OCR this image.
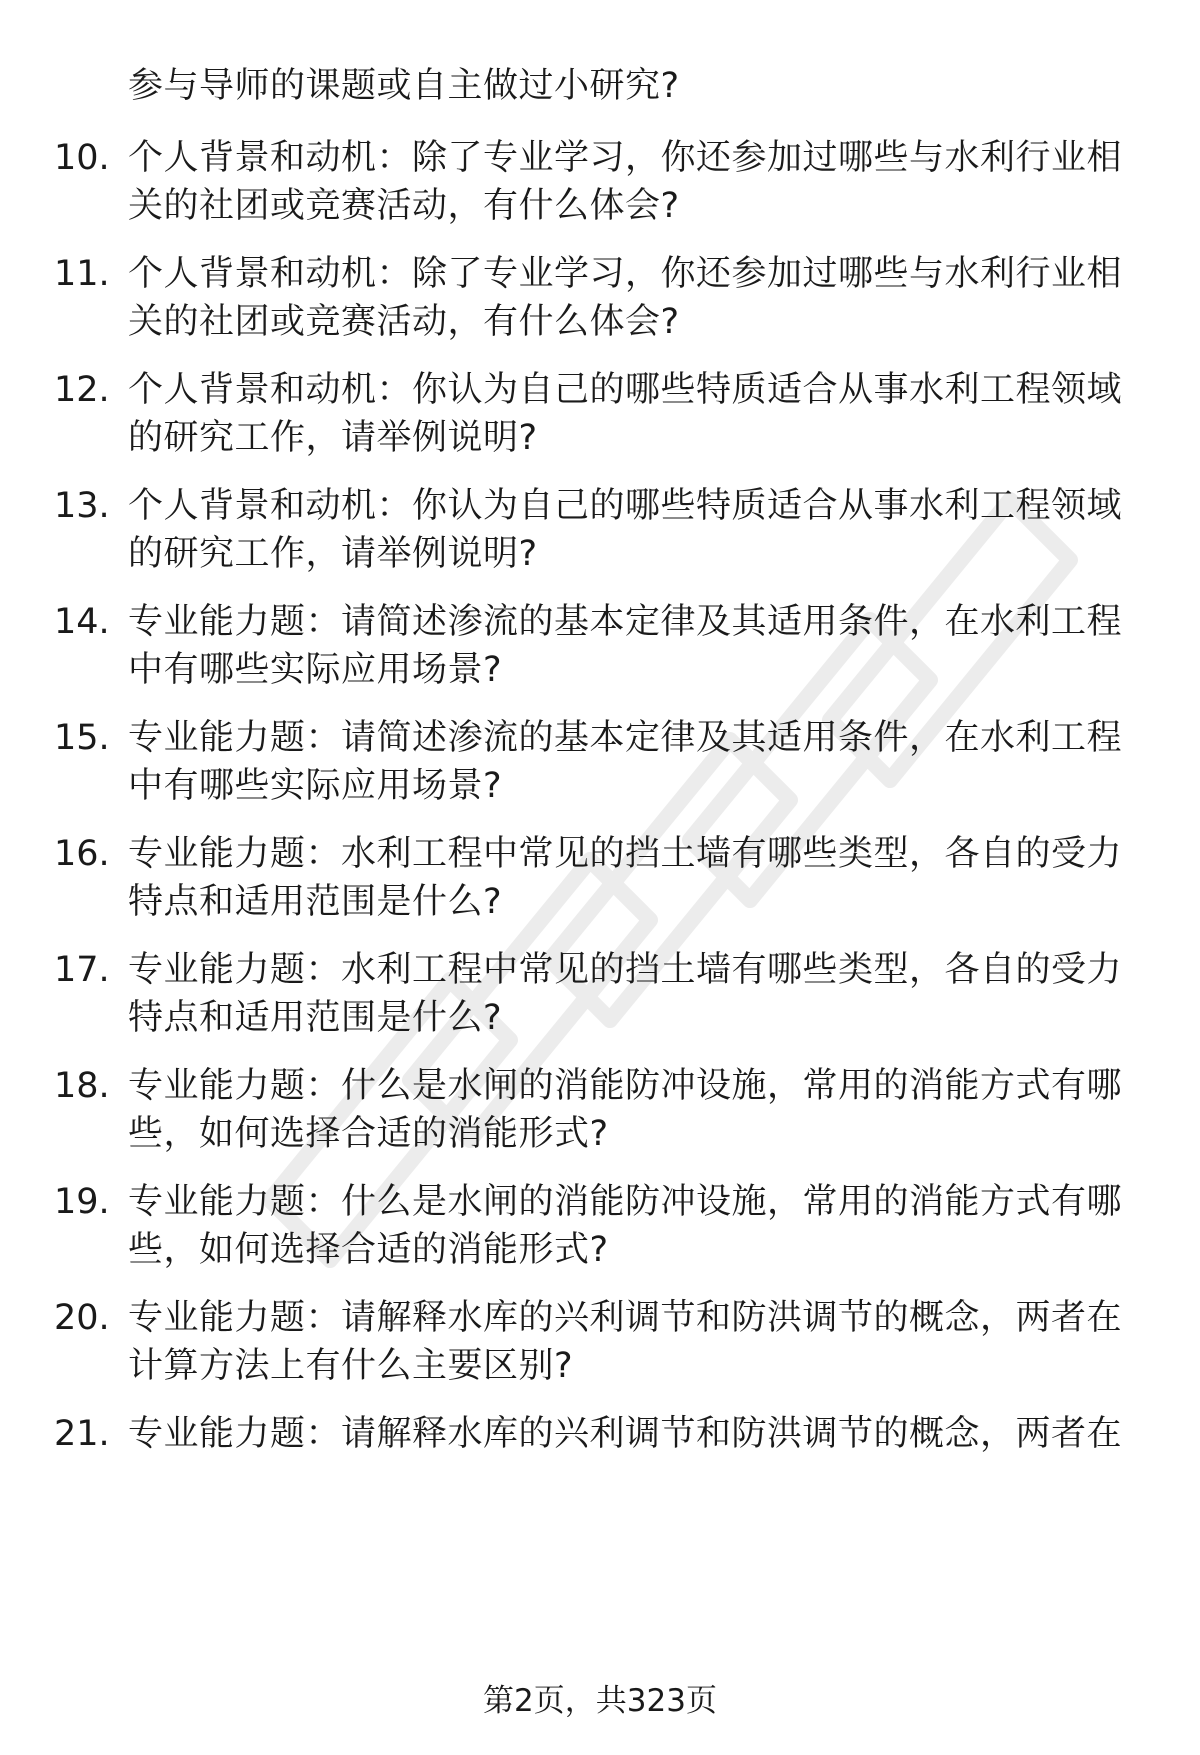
参与导师的课题或自主做过小研究?
10. 个人背景和动机：除了专业学习，你还参加过哪些与水利行业相
关的社团或竞赛活动，有什么体会?
11. 个人背景和动机：除了专业学习，你还参加过哪些与水利行业相
关的社团或竞赛活动，有什么体会?
12. 个人背景和动机：你认为自己的哪些特质适合从事水利工程领域
的研究工作，请举例说明?
13. 个人背景和动机：你认为自己的哪些特质适合从事水利工程领域
的研究工作，请举例说明?
14. 专业能力题：请简述渗流的基本定律及其适用条件，在水利工程
中有哪些实际应用场景?
15. 专业能力题：请简述渗流的基本定律及其适用条件，在水利工程
中有哪些实际应用场景?
16. 专业能力题：水利工程中常见的挡土墙有哪些类型，各自的受力
特点和适用范围是什么?
17. 专业能力题：水利工程中常见的挡土墙有哪些类型，各自的受力
特点和适用范围是什么?
18. 专业能力题：什么是水闸的消能防冲设施，常用的消能方式有哪
些，如何选择合适的消能形式?
19. 专业能力题：什么是水闸的消能防冲设施，常用的消能方式有哪
些，如何选择合适的消能形式?
20. 专业能力题：请解释水库的兴利调节和防洪调节的概念，两者在
计算方法上有什么主要区别?
21. 专业能力题：请解释水库的兴利调节和防洪调节的概念，两者在
第2页，共323页
